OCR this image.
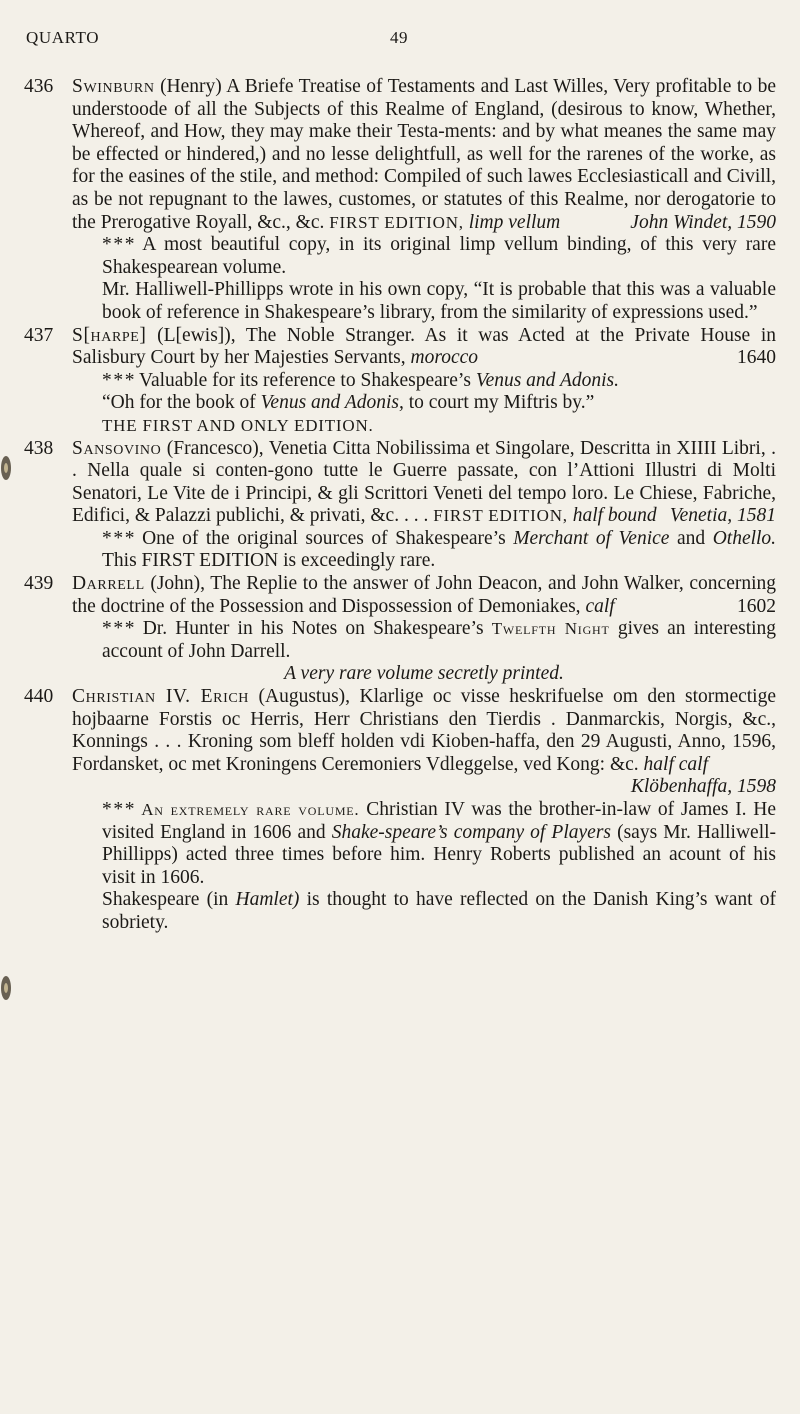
QUARTO	49
436 Swinburn (Henry) A Briefe Treatise of Testaments and Last Willes, Very profitable to be understoode of all the Subjects of this Realme of England, (desirous to know, Whether, Whereof, and How, they may make their Testa-ments: and by what meanes the same may be effected or hindered,) and no lesse delightfull, as well for the rarenes of the worke, as for the easines of the stile, and method: Compiled of such lawes Ecclesiasticall and Civill, as be not repugnant to the lawes, customes, or statutes of this Realme, nor derogatorie to the Prerogative Royall, &c., &c. FIRST EDITION, limp vellum	John Windet, 1590
* * * A most beautiful copy, in its original limp vellum binding, of this very rare Shakespearean volume.
Mr. Halliwell-Phillipps wrote in his own copy, “It is probable that this was a valuable book of reference in Shakespeare’s library, from the similarity of expressions used.”
437 S[harpe] (L[ewis]), The Noble Stranger. As it was Acted at the Private House in Salisbury Court by her Majesties Servants, morocco	1640
* * * Valuable for its reference to Shakespeare’s Venus and Adonis.
“Oh for the book of Venus and Adonis, to court my Miftris by.”
THE FIRST AND ONLY EDITION.
438 Sansovino (Francesco), Venetia Citta Nobilissima et Singolare, Descritta in XIIII Libri, . . Nella quale si conten-gono tutte le Guerre passate, con l’Attioni Illustri di Molti Senatori, Le Vite de i Principi, & gli Scrittori Veneti del tempo loro. Le Chiese, Fabriche, Edifici, & Palazzi publichi, & privati, &c. . . . FIRST EDITION, half bound Venetia, 1581
* * * One of the original sources of Shakespeare’s Merchant of Venice and Othello. This FIRST EDITION is exceedingly rare.
439 Darrell (John), The Replie to the answer of John Deacon, and John Walker, concerning the doctrine of the Possession and Dispossession of Demoniakes, calf	1602
* * * Dr. Hunter in his Notes on Shakespeare’s Twelfth Night gives an interesting account of John Darrell.
A very rare volume secretly printed.
440 Christian IV. Erich (Augustus), Klarlige oc visse heskrifuelse om den stormectige hojbaarne Forstis oc Herris, Herr Christians den Tierdis . Danmarckis, Norgis, &c., Konnings . . . Kroning som bleff holden vdi Kioben-haffa, den 29 Augusti, Anno, 1596, Fordansket, oc met Kroningens Ceremoniers Vdleggelse, ved Kong: &c. half calf
Klöbenhaffa, 1598
* * * An extremely rare volume. Christian IV was the brother-in-law of James I. He visited England in 1606 and Shake-speare’s company of Players (says Mr. Halliwell-Phillipps) acted three times before him. Henry Roberts published an acount of his visit in 1606.
Shakespeare (in Hamlet) is thought to have reflected on the Danish King’s want of sobriety.
